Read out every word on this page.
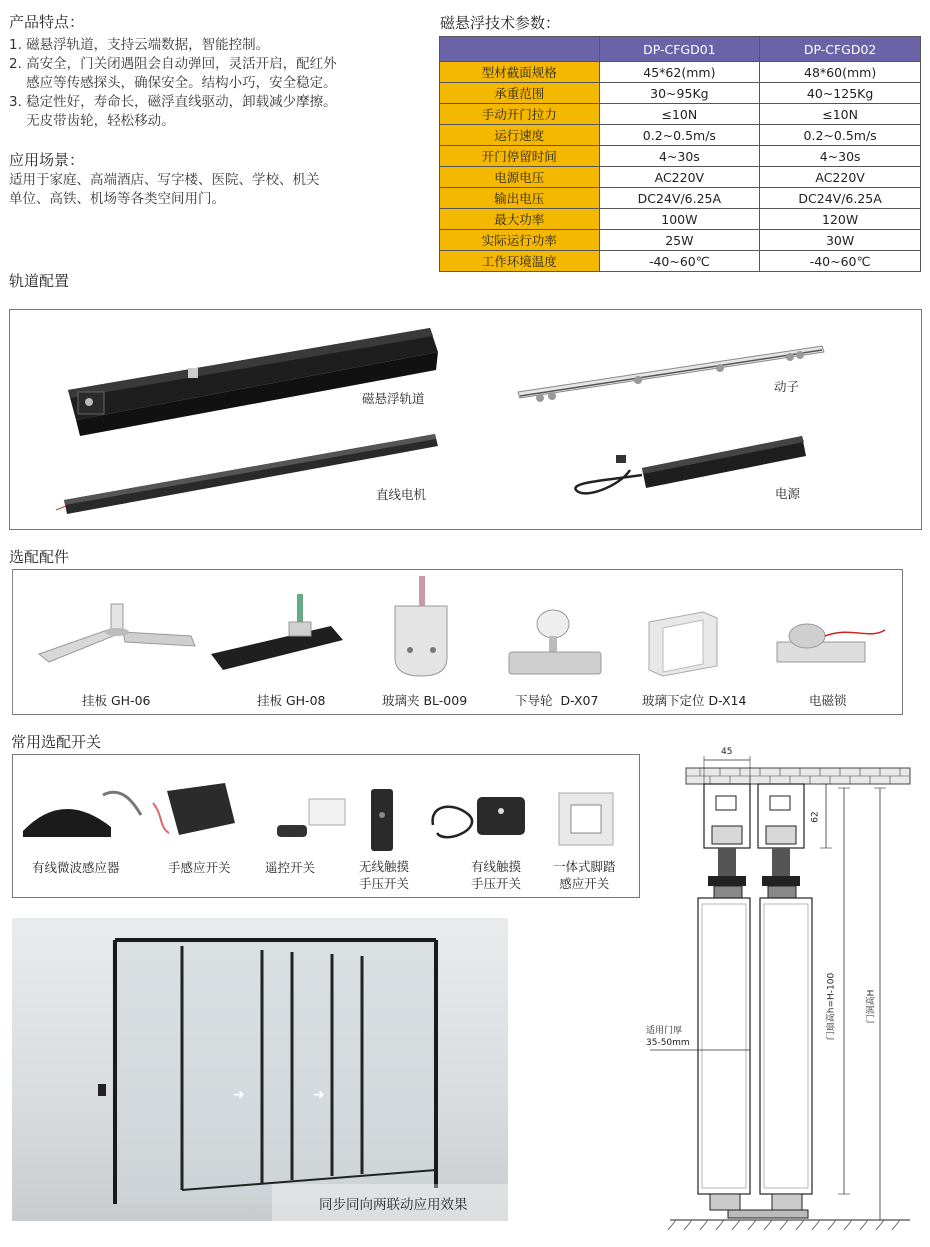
产品特点：
1. 磁悬浮轨道，支持云端数据，智能控制。
2. 高安全，门关闭遇阻会自动弹回，灵活开启，配红外
感应等传感探头，确保安全。结构小巧，安全稳定。
3. 稳定性好，寿命长，磁浮直线驱动，卸载减少摩擦。
无皮带齿轮，轻松移动。
应用场景：
适用于家庭、高端酒店、写字楼、医院、学校、机关
单位、高铁、机场等各类空间用门。
磁悬浮技术参数：
	DP-CFGD01	DP-CFGD02
型材截面规格	45*62(mm)	48*60(mm)
承重范围	30~95Kg	40~125Kg
手动开门拉力	≤10N	≤10N
运行速度	0.2~0.5m/s	0.2~0.5m/s
开门停留时间	4~30s	4~30s
电源电压	AC220V	AC220V
输出电压	DC24V/6.25A	DC24V/6.25A
最大功率	100W	120W
实际运行功率	25W	30W
工作环境温度	-40~60℃	-40~60℃
轨道配置
磁悬浮轨道
动子
直线电机	电源
选配配件
挂板 GH-06	挂板 GH-08	玻璃夹 BL-009	下导轮  D-X07	玻璃下定位 D-X14	电磁锁
常用选配开关
有线微波感应器	手感应开关	遥控开关	无线触摸
手压开关
有线触摸
手压开关
一体式脚踏
感应开关
➜	➜
同步同向两联动应用效果
45
62
适用门厚
35-50mm
门扇高h=H-100	门洞高H
